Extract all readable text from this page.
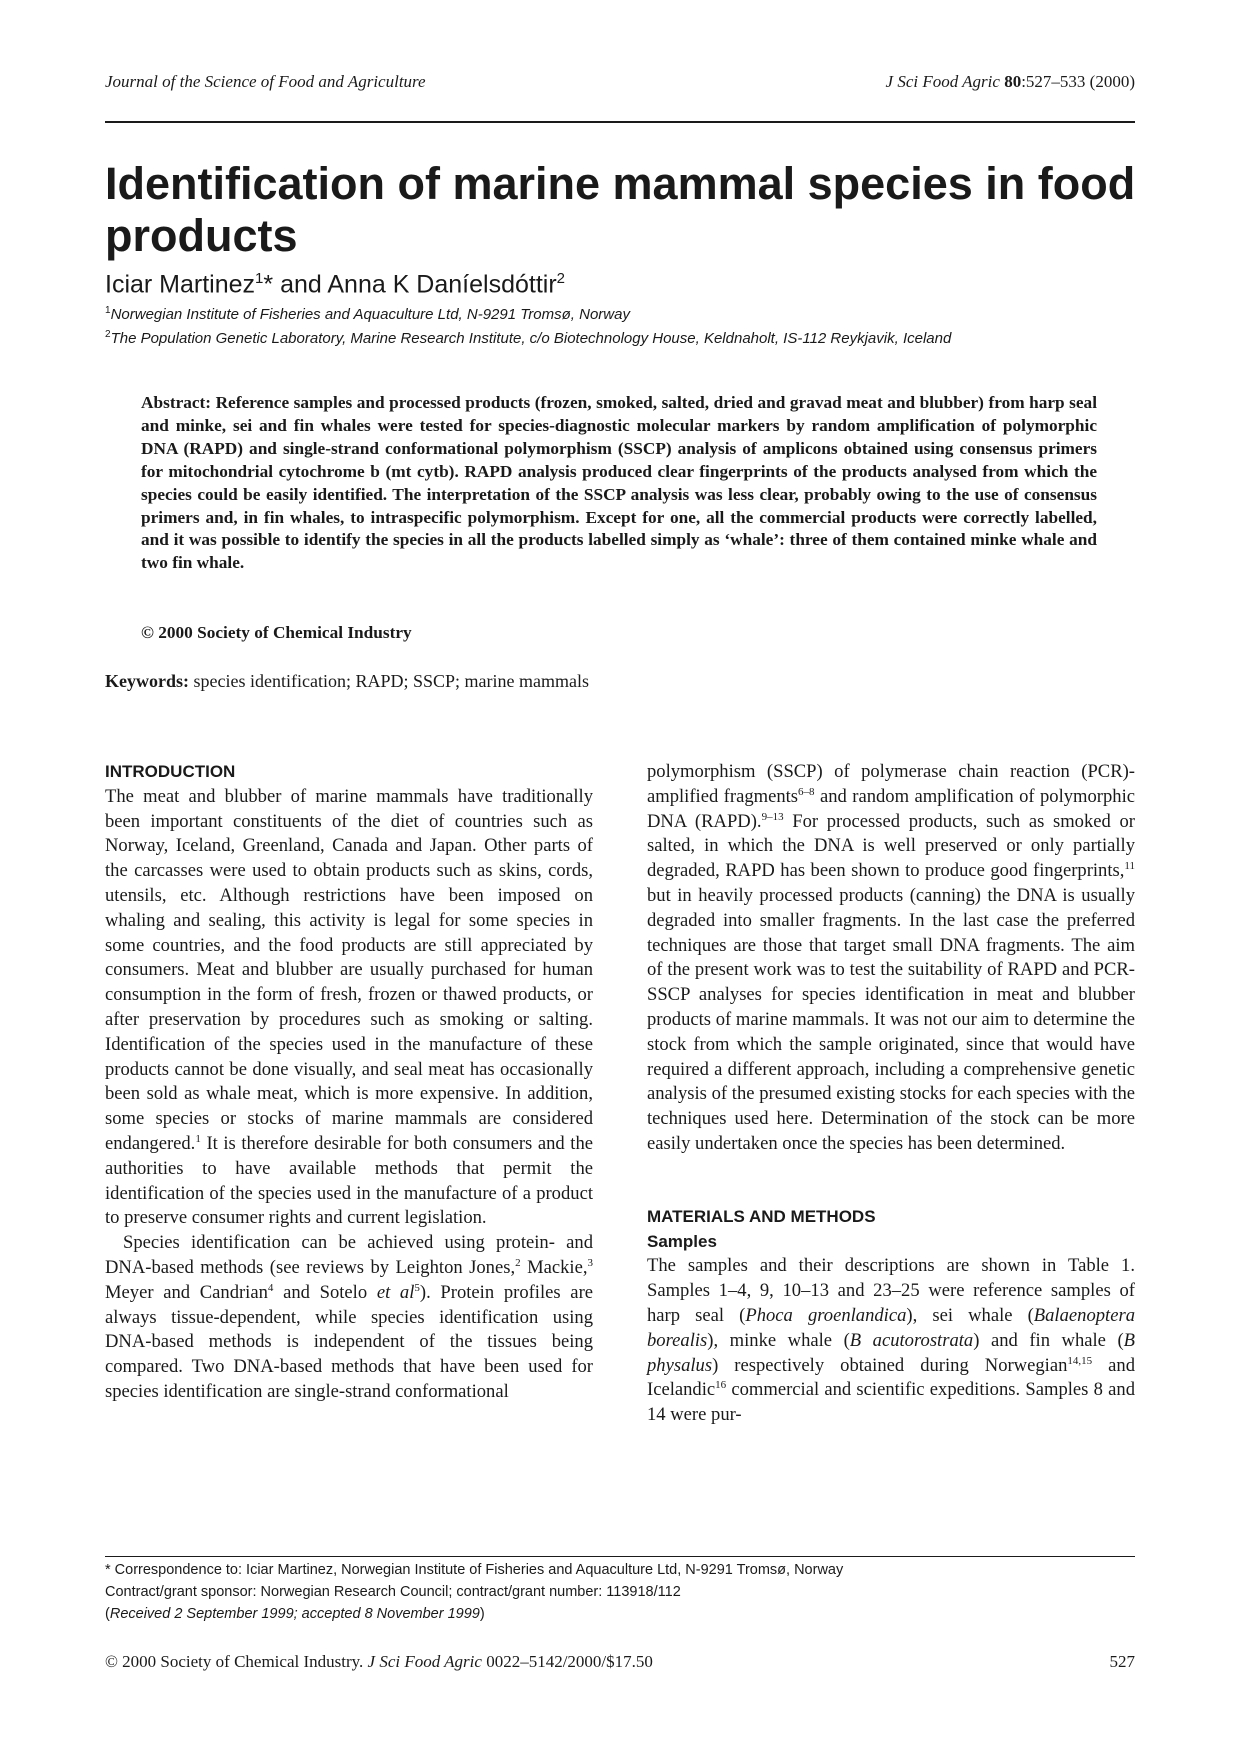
Journal of the Science of Food and Agriculture	J Sci Food Agric 80:527–533 (2000)
Identification of marine mammal species in food products
Iciar Martinez$^1$* and Anna K Daníelsdóttir$^2$
$^1$Norwegian Institute of Fisheries and Aquaculture Ltd, N-9291 Tromsø, Norway
$^2$The Population Genetic Laboratory, Marine Research Institute, c/o Biotechnology House, Keldnaholt, IS-112 Reykjavik, Iceland
Abstract: Reference samples and processed products (frozen, smoked, salted, dried and gravad meat and blubber) from harp seal and minke, sei and fin whales were tested for species-diagnostic molecular markers by random amplification of polymorphic DNA (RAPD) and single-strand conformational polymorphism (SSCP) analysis of amplicons obtained using consensus primers for mitochondrial cytochrome b (mt cytb). RAPD analysis produced clear fingerprints of the products analysed from which the species could be easily identified. The interpretation of the SSCP analysis was less clear, probably owing to the use of consensus primers and, in fin whales, to intraspecific polymorphism. Except for one, all the commercial products were correctly labelled, and it was possible to identify the species in all the products labelled simply as ‘whale’: three of them contained minke whale and two fin whale.
© 2000 Society of Chemical Industry
Keywords: species identification; RAPD; SSCP; marine mammals
INTRODUCTION

The meat and blubber of marine mammals have traditionally been important constituents of the diet of countries such as Norway, Iceland, Greenland, Canada and Japan. Other parts of the carcasses were used to obtain products such as skins, cords, utensils, etc. Although restrictions have been imposed on whaling and sealing, this activity is legal for some species in some countries, and the food products are still appreciated by consumers. Meat and blubber are usually purchased for human consumption in the form of fresh, frozen or thawed products, or after preservation by procedures such as smoking or salting. Identification of the species used in the manufacture of these products cannot be done visually, and seal meat has occasionally been sold as whale meat, which is more expensive. In addition, some species or stocks of marine mammals are considered endangered.$^1$ It is therefore desirable for both consumers and the authorities to have available methods that permit the identification of the species used in the manufacture of a product to preserve consumer rights and current legislation.

Species identification can be achieved using protein- and DNA-based methods (see reviews by Leighton Jones,$^2$ Mackie,$^3$ Meyer and Candrian$^4$ and Sotelo et $al^5$). Protein profiles are always tissue-dependent, while species identification using DNA-based methods is independent of the tissues being compared. Two DNA-based methods that have been used for species identification are single-strand conformational

polymorphism (SSCP) of polymerase chain reaction (PCR)-amplified fragments$^{6-8}$ and random amplification of polymorphic DNA (RAPD).$^{9-13}$ For processed products, such as smoked or salted, in which the DNA is well preserved or only partially degraded, RAPD has been shown to produce good fingerprints,$^{11}$ but in heavily processed products (canning) the DNA is usually degraded into smaller fragments. In the last case the preferred techniques are those that target small DNA fragments. The aim of the present work was to test the suitability of RAPD and PCR-SSCP analyses for species identification in meat and blubber products of marine mammals. It was not our aim to determine the stock from which the sample originated, since that would have required a different approach, including a comprehensive genetic analysis of the presumed existing stocks for each species with the techniques used here. Determination of the stock can be more easily undertaken once the species has been determined.

MATERIALS AND METHODS
Samples

The samples and their descriptions are shown in Table 1. Samples 1–4, 9, 10–13 and 23–25 were reference samples of harp seal (Phoca groenlandica), sei whale (Balaenoptera borealis), minke whale (B acutorostrata) and fin whale (B physalus) respectively obtained during Norwegian$^{14,15}$ and Icelandic$^{16}$ commercial and scientific expeditions. Samples 8 and 14 were pur-

* Correspondence to: Iciar Martinez, Norwegian Institute of Fisheries and Aquaculture Ltd, N-9291 Tromsø, Norway
Contract/grant sponsor: Norwegian Research Council; contract/grant number: 113918/112
(Received 2 September 1999; accepted 8 November 1999)
© 2000 Society of Chemical Industry. J Sci Food Agric 0022–5142/2000/$17.50	527
